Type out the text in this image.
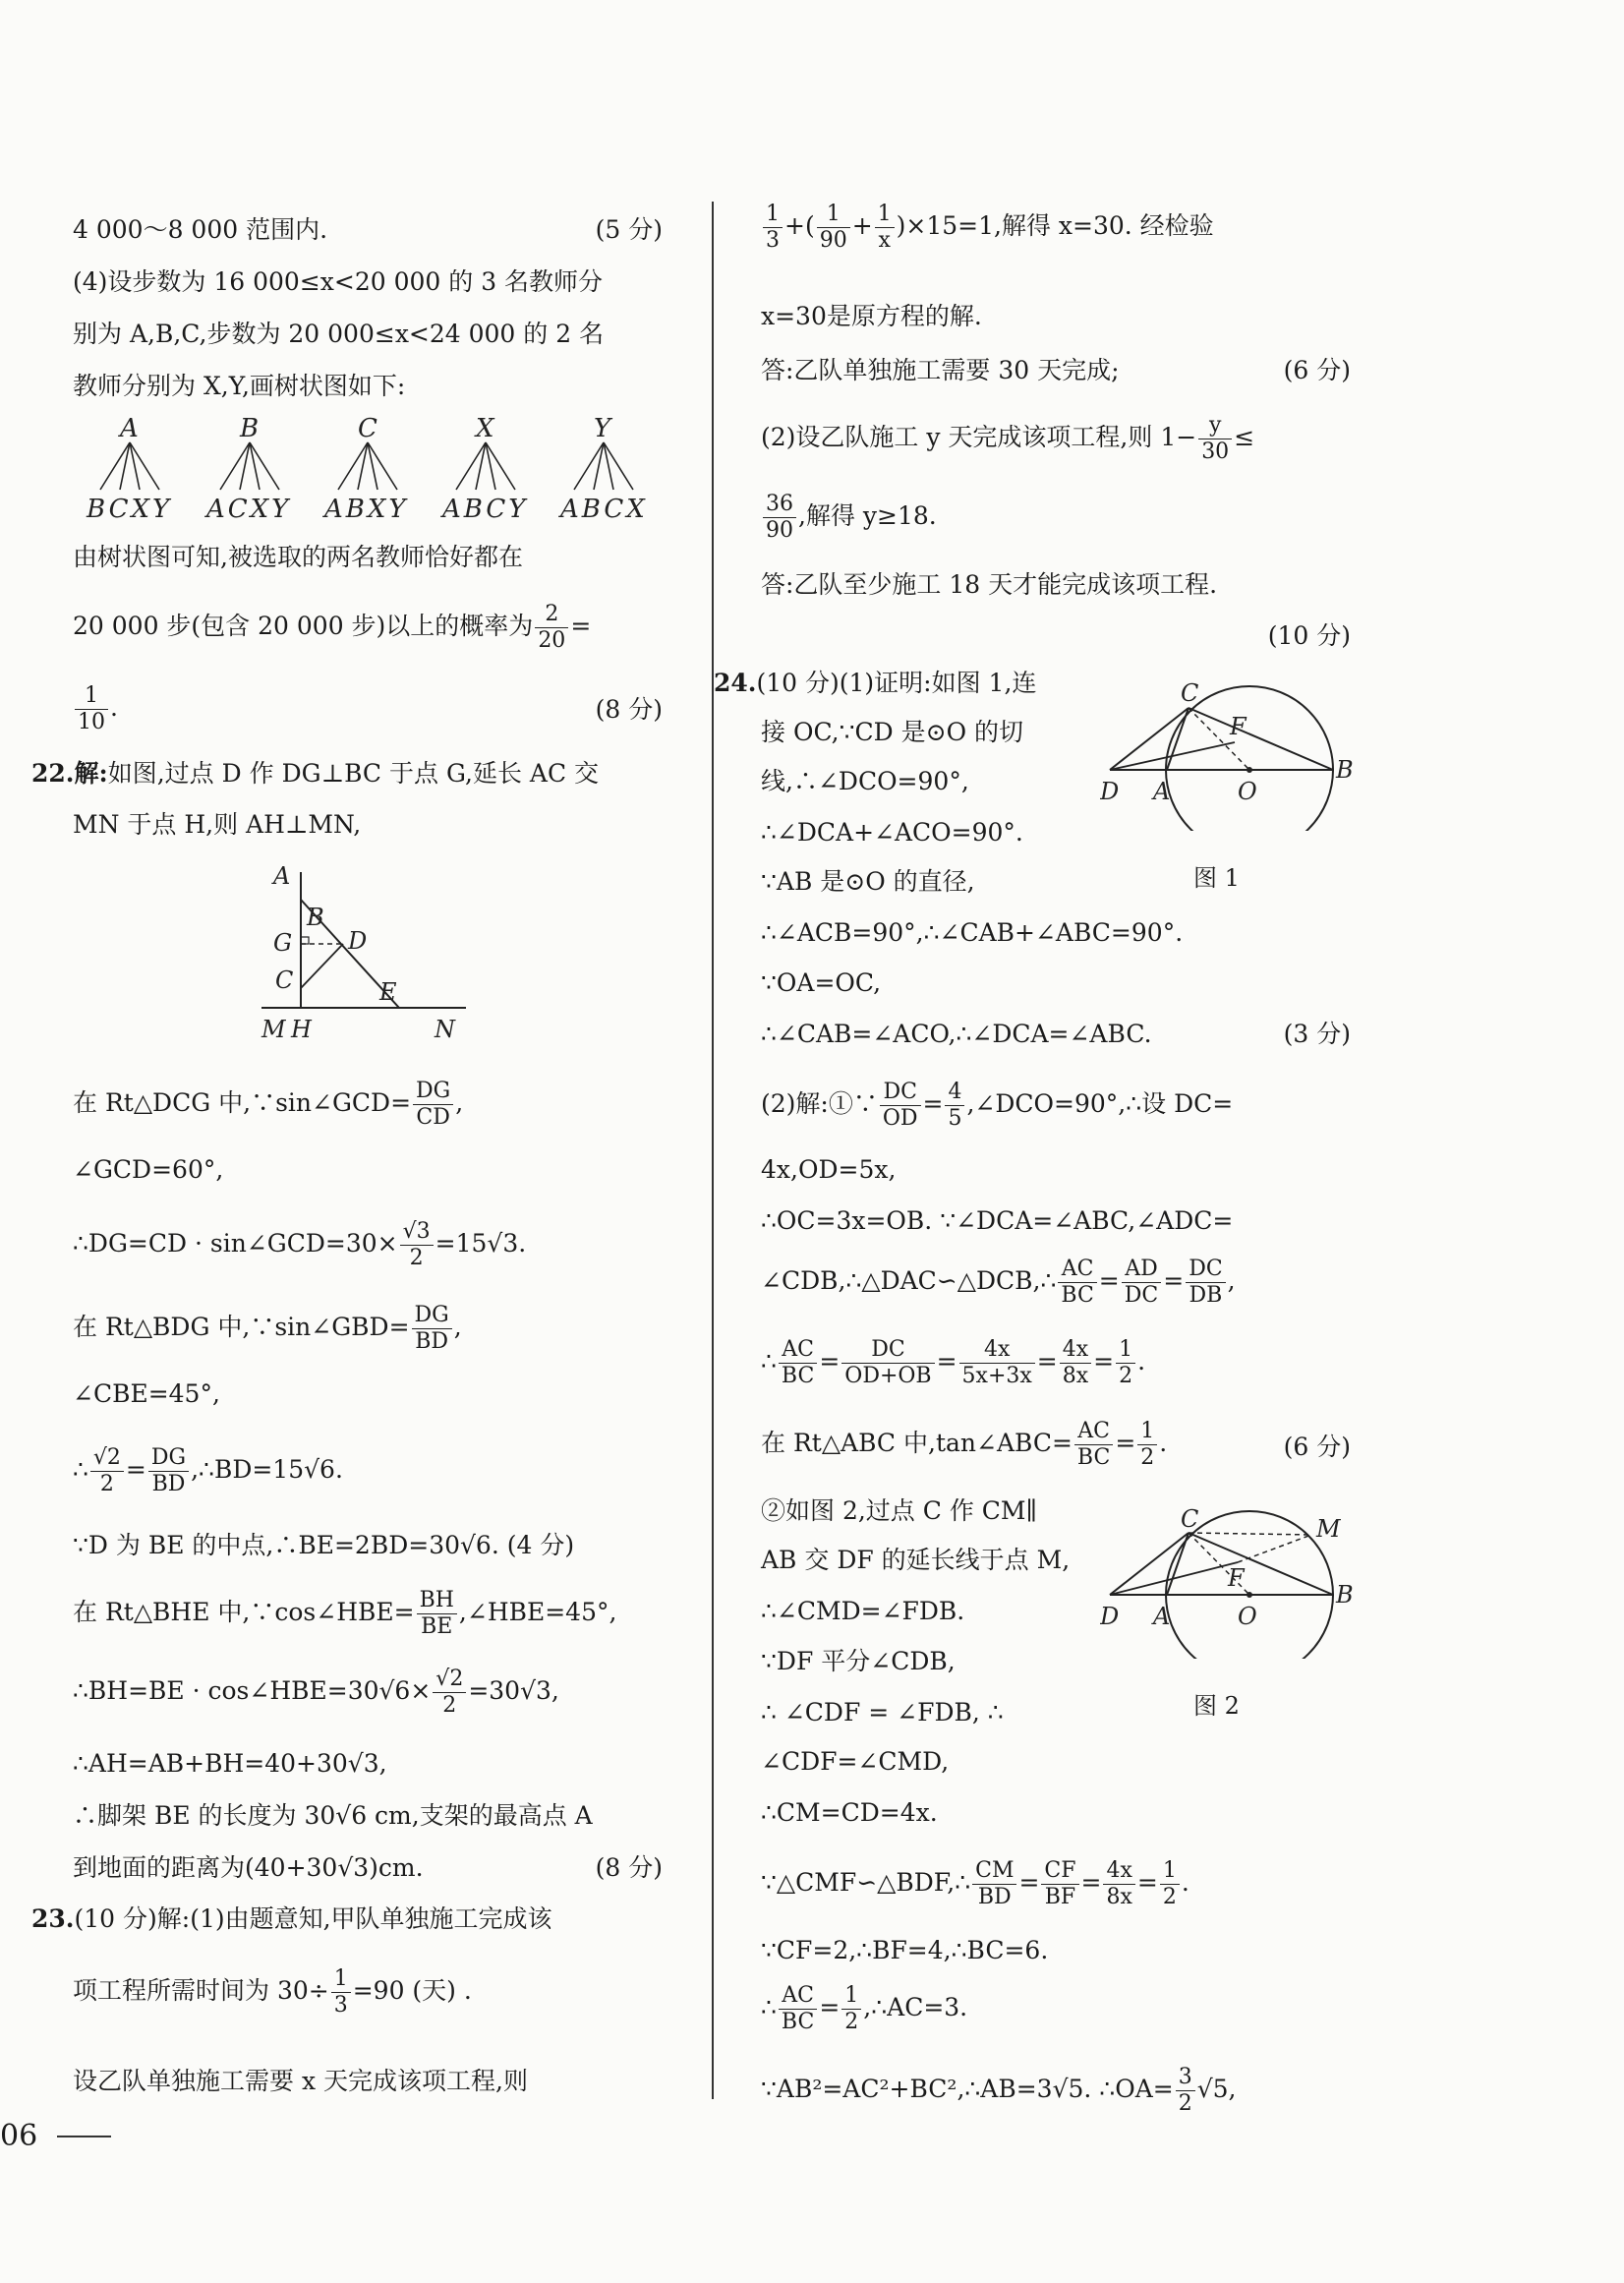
4 000～8 000 范围内.	(5 分)
(4)设步数为 16 000≤x<20 000 的 3 名教师分
别为 A,B,C,步数为 20 000≤x<24 000 的 2 名
教师分别为 X,Y,画树状图如下:
A
BCXY
B
ACXY
C
ABXY
X
ABCY
Y
ABCX
由树状图可知,被选取的两名教师恰好都在
20 000 步(包含 20 000 步)以上的概率为 $\frac{2}{20}$ =
$\frac{1}{10}$ .	(8 分)
22.解:如图,过点 D 作 DG⊥BC 于点 G,延长 AC 交
MN 于点 H,则 AH⊥MN,
A
B
G D
C	E
M H	N
在 Rt△DCG 中,∵sin∠GCD= $\frac{DG}{CD}$ ,
∠GCD=60°,
∴DG=CD · sin∠GCD=30× $\frac{√3}{2} =15√3$.
在 Rt△BDG 中,∵sin∠GBD= $\frac{DG}{BD}$ ,
∠CBE=45°,
∴ $\frac{√2}{2} = \frac{DG}{BD}$ ,∴BD=15√6.
∵D 为 BE 的中点,∴BE=2BD=30√6. (4 分)
在 Rt△BHE 中,∵cos∠HBE= $\frac{BH}{BE}$ ,∠HBE=45°,
∴BH=BE · cos∠HBE=30√6× $\frac{√2}{2} =30√3$,
∴AH=AB+BH=40+30√3,
∴脚架 BE 的长度为 30√6 cm,支架的最高点 A
到地面的距离为(40+30√3)cm.	(8 分)
23.(10 分)解:(1)由题意知,甲队单独施工完成该
项工程所需时间为 $30\div \frac{1}{3} =90$ (天) .
设乙队单独施工需要 x 天完成该项工程,则
$\frac{1}{3}$ +( $\frac{1}{90} + \frac{1}{x} )\times 15=1$,解得 x=30. 经检验
x=30是原方程的解.
答:乙队单独施工需要 30 天完成;	(6 分)
(2)设乙队施工 y 天完成该项工程,则 $1- \frac{y}{30}$ ≤
$\frac{36}{90}$ ,解得 y≥18.
答:乙队至少施工 18 天才能完成该项工程.
(10 分)
24.(10 分)(1)证明:如图 1,连
接 OC,∵CD 是⊙O 的切
线,∴∠DCO=90°,
∴∠DCA+∠ACO=90°.
∵AB 是⊙O 的直径,
C
F
D A	O
B
图 1
∴∠ACB=90°,∴∠CAB+∠ABC=90°.
∵OA=OC,
∴∠CAB=∠ACO,∴∠DCA=∠ABC.	(3 分)
(2)解:①∵ $\frac{DC}{OD} = \frac{4}{5}$ ,∠DCO=90°,∴设 DC=
4x,OD=5x,
∴OC=3x=OB. ∵∠DCA=∠ABC,∠ADC=
∠CDB,∴△DAC∽△DCB,∴ $\frac{AC}{BC} = \frac{AD}{DC} = \frac{DC}{DB}$ ,
∴ $\frac{AC}{BC} = \frac{DC}{OD+OB} = \frac{4x}{5x+3x} = \frac{4x}{8x} = \frac{1}{2}$ .
在 Rt△ABC 中,tan∠ABC= $\frac{AC}{BC} = \frac{1}{2}$ .	(6 分)
②如图 2,过点 C 作 CM∥
AB 交 DF 的延长线于点 M,
∴∠CMD=∠FDB.
∵DF 平分∠CDB,
∴ ∠CDF = ∠FDB, ∴
∠CDF=∠CMD,
C	M
F
D A	O
B
图 2
∴CM=CD=4x.
∵△CMF∽△BDF,∴ $\frac{CM}{BD} = \frac{CF}{BF} = \frac{4x}{8x} = \frac{1}{2}$ .
∵CF=2,∴BF=4,∴BC=6.
∴ $\frac{AC}{BC} = \frac{1}{2}$ ,∴AC=3.
∵AB²=AC²+BC²,∴AB=3√5. ∴OA= $\frac{3}{2} √5$,
06
